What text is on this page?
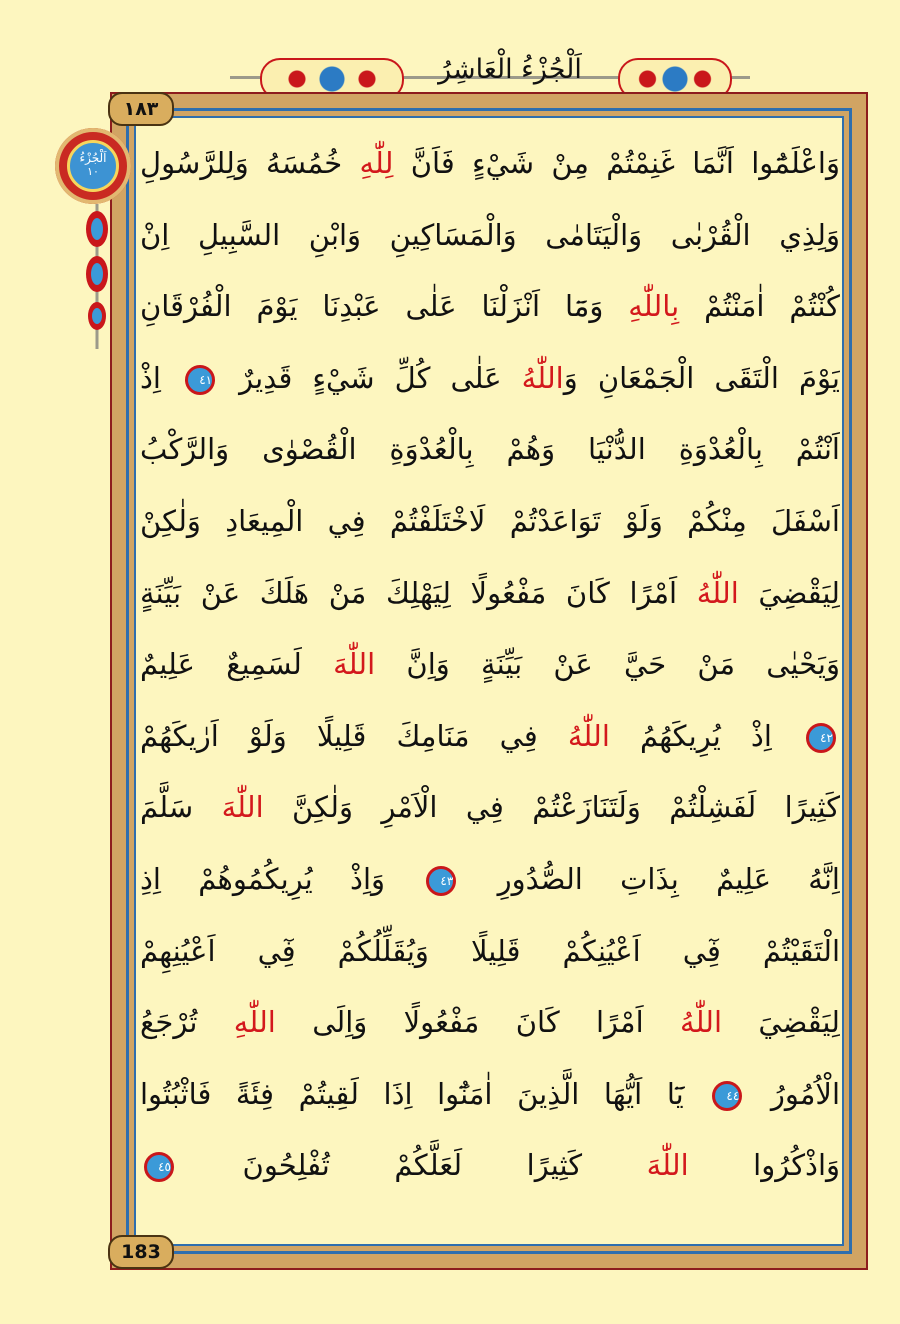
اَلْجُزْءُ الْعَاشِرُ
١٨٣
183
اَلْجُزْءُ
١٠	وَاعْلَمُٓوا اَنَّمَا غَنِمْتُمْ مِنْ شَيْءٍ فَاَنَّ لِلّٰهِ خُمُسَهُ وَلِلرَّسُولِ
وَلِذِي الْقُرْبٰى وَالْيَتَامٰى وَالْمَسَاكِينِ وَابْنِ السَّبِيلِ اِنْ
كُنْتُمْ اٰمَنْتُمْ بِاللّٰهِ وَمَٓا اَنْزَلْنَا عَلٰى عَبْدِنَا يَوْمَ الْفُرْقَانِ
يَوْمَ الْتَقَى الْجَمْعَانِ وَاللّٰهُ عَلٰى كُلِّ شَيْءٍ قَدِيرٌ ٤١ اِذْ
اَنْتُمْ بِالْعُدْوَةِ الدُّنْيَا وَهُمْ بِالْعُدْوَةِ الْقُصْوٰى وَالرَّكْبُ
اَسْفَلَ مِنْكُمْ وَلَوْ تَوَاعَدْتُمْ لَاخْتَلَفْتُمْ فِي الْمِيعَادِ وَلٰكِنْ
لِيَقْضِيَ اللّٰهُ اَمْرًا كَانَ مَفْعُولًا لِيَهْلِكَ مَنْ هَلَكَ عَنْ بَيِّنَةٍ
وَيَحْيٰى مَنْ حَيَّ عَنْ بَيِّنَةٍ وَاِنَّ اللّٰهَ لَسَمِيعٌ عَلِيمٌ
٤٢ اِذْ يُرِيكَهُمُ اللّٰهُ فِي مَنَامِكَ قَلِيلًا وَلَوْ اَرٰيكَهُمْ
كَثِيرًا لَفَشِلْتُمْ وَلَتَنَازَعْتُمْ فِي الْاَمْرِ وَلٰكِنَّ اللّٰهَ سَلَّمَ
اِنَّهُ عَلِيمٌ بِذَاتِ الصُّدُورِ ٤٣ وَاِذْ يُرِيكُمُوهُمْ اِذِ
الْتَقَيْتُمْ فِٓي اَعْيُنِكُمْ قَلِيلًا وَيُقَلِّلُكُمْ فِٓي اَعْيُنِهِمْ
لِيَقْضِيَ اللّٰهُ اَمْرًا كَانَ مَفْعُولًا وَاِلَى اللّٰهِ تُرْجَعُ
الْاُمُورُ ٤٤ يَٓا اَيُّهَا الَّذِينَ اٰمَنُٓوا اِذَا لَقِيتُمْ فِئَةً فَاثْبُتُوا
وَاذْكُرُوا اللّٰهَ كَثِيرًا لَعَلَّكُمْ تُفْلِحُونَ ٤٥
